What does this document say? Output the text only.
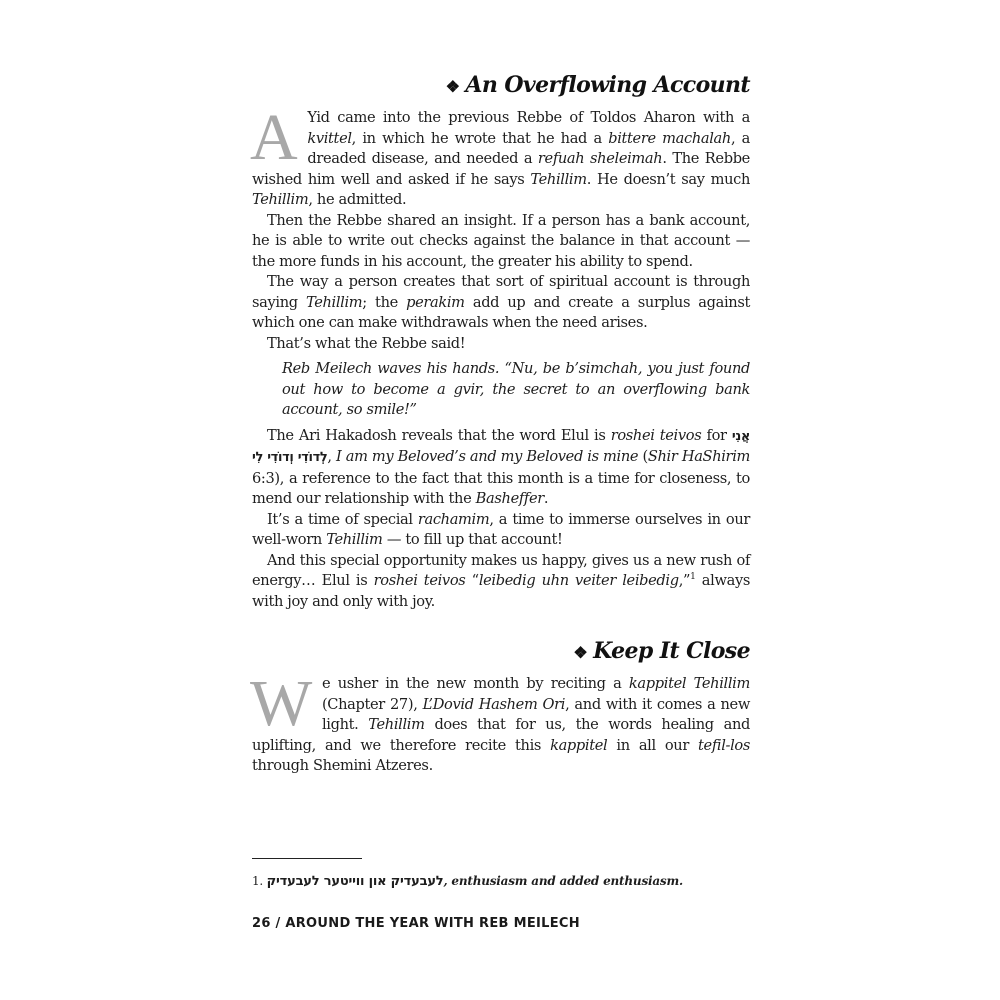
❖ An Overflowing Account

A Yid came into the previous Rebbe of Toldos Aharon with a kvittel, in which he wrote that he had a bittere machalah, a dreaded disease, and needed a refuah sheleimah. The Rebbe wished him well and asked if he says Tehillim. He doesn’t say much Tehillim, he admitted.

Then the Rebbe shared an insight. If a person has a bank account, he is able to write out checks against the balance in that account — the more funds in his account, the greater his ability to spend.

The way a person creates that sort of spiritual account is through saying Tehillim; the perakim add up and create a surplus against which one can make withdrawals when the need arises.

That’s what the Rebbe said!

Reb Meilech waves his hands. “Nu, be b’simchah, you just found out how to become a gvir, the secret to an overflowing bank account, so smile!”

The Ari Hakadosh reveals that the word Elul is roshei teivos for אֲנִי לְדוֹדִי וְדוֹדִי לִי, I am my Beloved’s and my Beloved is mine (Shir HaShirim 6:3), a reference to the fact that this month is a time for closeness, to mend our relationship with the Basheffer.

It’s a time of special rachamim, a time to immerse ourselves in our well-worn Tehillim — to fill up that account!

And this special opportunity makes us happy, gives us a new rush of energy… Elul is roshei teivos “leibedig uhn veiter leibedig,”$^1$ always with joy and only with joy.

❖ Keep It Close

We usher in the new month by reciting a kappitel Tehillim (Chapter 27), L’Dovid Hashem Ori, and with it comes a new light. Tehillim does that for us, the words healing and uplifting, and we therefore recite this kappitel in all our tefil-los through Shemini Atzeres.

1. לעבעדיק און ווייטער לעבעדיק, enthusiasm and added enthusiasm.
26 / AROUND THE YEAR WITH REB MEILECH
